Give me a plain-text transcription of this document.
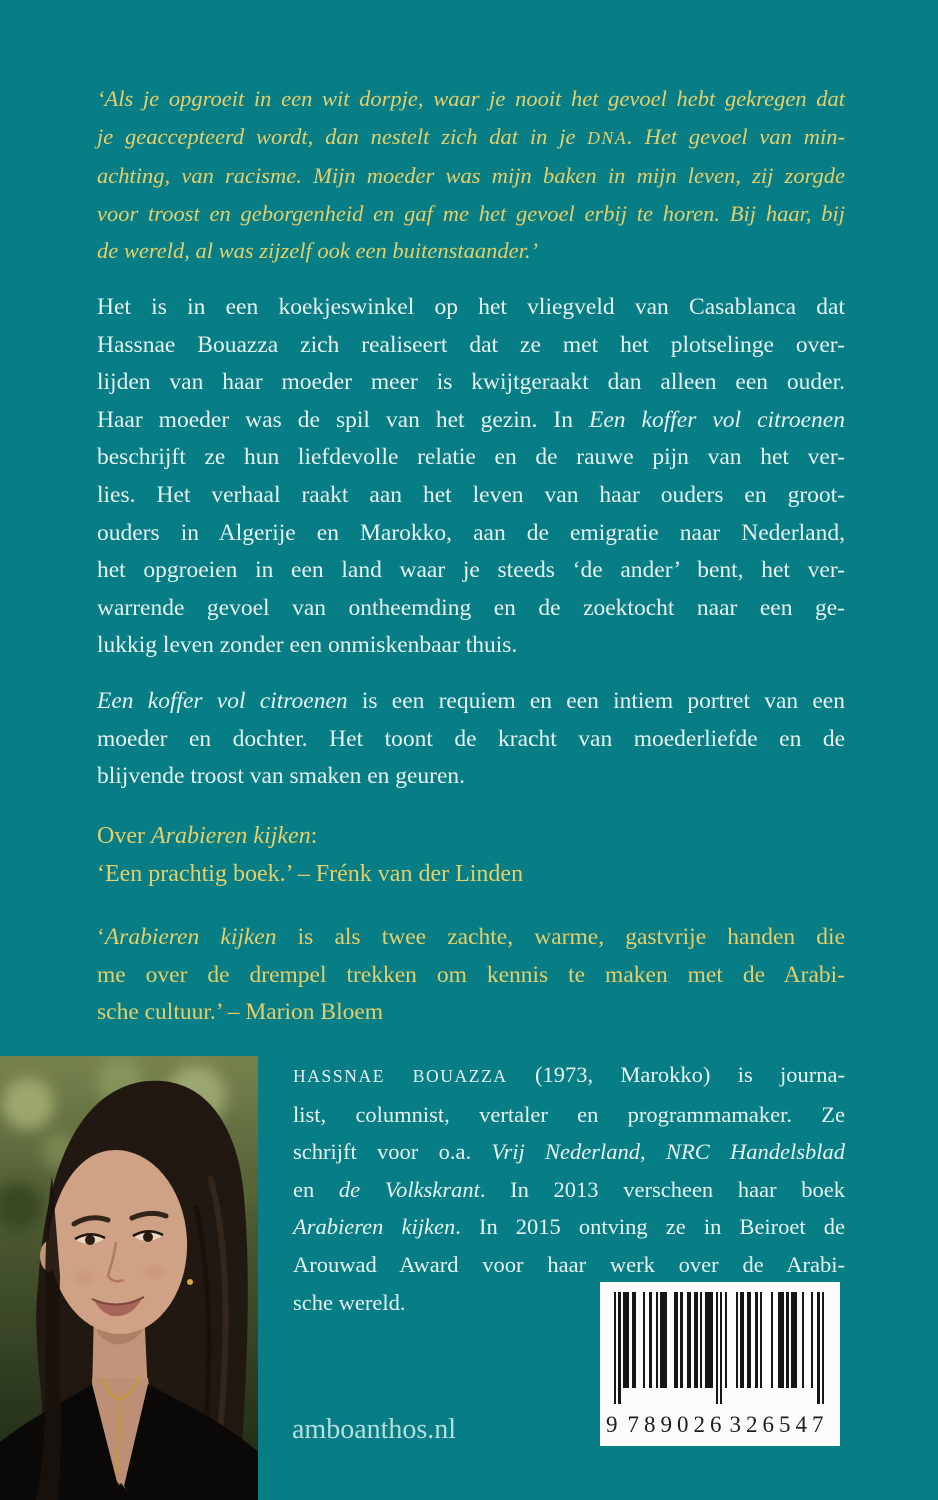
‘Als je opgroeit in een wit dorpje, waar je nooit het gevoel hebt gekregen dat
je geaccepteerd wordt, dan nestelt zich dat in je DNA. Het gevoel van min-
achting, van racisme. Mijn moeder was mijn baken in mijn leven, zij zorgde
voor troost en geborgenheid en gaf me het gevoel erbij te horen. Bij haar, bij
de wereld, al was zijzelf ook een buitenstaander.’
Het is in een koekjeswinkel op het vliegveld van Casablanca dat
Hassnae Bouazza zich realiseert dat ze met het plotselinge over-
lijden van haar moeder meer is kwijtgeraakt dan alleen een ouder.
Haar moeder was de spil van het gezin. In Een koffer vol citroenen
beschrijft ze hun liefdevolle relatie en de rauwe pijn van het ver-
lies. Het verhaal raakt aan het leven van haar ouders en groot-
ouders in Algerije en Marokko, aan de emigratie naar Nederland,
het opgroeien in een land waar je steeds ‘de ander’ bent, het ver-
warrende gevoel van ontheemding en de zoektocht naar een ge-
lukkig leven zonder een onmiskenbaar thuis.
Een koffer vol citroenen is een requiem en een intiem portret van een
moeder en dochter. Het toont de kracht van moederliefde en de
blijvende troost van smaken en geuren.
Over Arabieren kijken:
‘Een prachtig boek.’ – Frénk van der Linden
‘Arabieren kijken is als twee zachte, warme, gastvrije handen die
me over de drempel trekken om kennis te maken met de Arabi-
sche cultuur.’ – Marion Bloem
HASSNAE BOUAZZA (1973, Marokko) is journa-
list, columnist, vertaler en programmamaker. Ze
schrijft voor o.a. Vrij Nederland, NRC Handelsblad
en de Volkskrant. In 2013 verscheen haar boek
Arabieren kijken. In 2015 ontving ze in Beiroet de
Arouwad Award voor haar werk over de Arabi-
sche wereld.
amboanthos.nl	9 789026 326547
